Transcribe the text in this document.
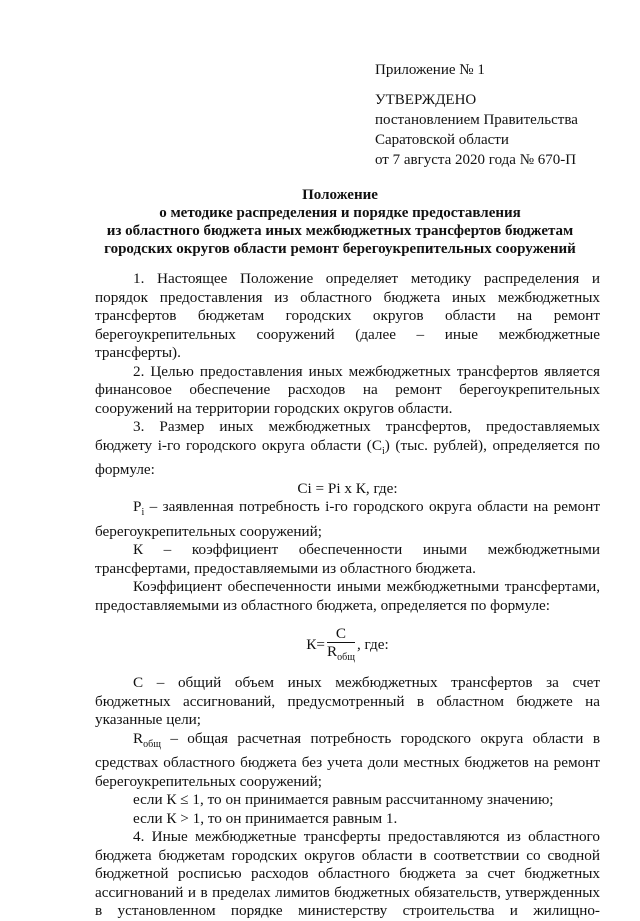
Приложение № 1
УТВЕРЖДЕНО
постановлением Правительства
Саратовской области
от 7 августа 2020 года № 670-П
Положение
о методике распределения и порядке предоставления
из областного бюджета иных межбюджетных трансфертов бюджетам
городских округов области ремонт берегоукрепительных сооружений

1. Настоящее Положение определяет методику распределения и порядок предоставления из областного бюджета иных межбюджетных трансфертов бюджетам городских округов области на ремонт берегоукрепительных сооружений (далее – иные межбюджетные трансферты).

2. Целью предоставления иных межбюджетных трансфертов является финансовое обеспечение расходов на ремонт берегоукрепительных сооружений на территории городских округов области.

3. Размер иных межбюджетных трансфертов, предоставляемых бюджету i-го городского округа области $(C_i)$ (тыс. рублей), определяется по формуле:

Ci = Pi х К, где:

$P_i$ – заявленная потребность i-го городского округа области на ремонт берегоукрепительных сооружений;

К – коэффициент обеспеченности иными межбюджетными трансфертами, предоставляемыми из областного бюджета.

Коэффициент обеспеченности иными межбюджетными трансфертами, предоставляемыми из областного бюджета, определяется по формуле:

$К= \frac{С}{R_{общ}}$ , где:

С – общий объем иных межбюджетных трансфертов за счет бюджетных ассигнований, предусмотренный в областном бюджете на указанные цели;

$R_{общ}$ – общая расчетная потребность городского округа области в средствах областного бюджета без учета доли местных бюджетов на ремонт берегоукрепительных сооружений;

если К ≤ 1, то он принимается равным рассчитанному значению;

если К > 1, то он принимается равным 1.

4. Иные межбюджетные трансферты предоставляются из областного бюджета бюджетам городских округов области в соответствии со сводной бюджетной росписью расходов областного бюджета за счет бюджетных ассигнований и в пределах лимитов бюджетных обязательств, утвержденных в установленном порядке министерству строительства и жилищно-
